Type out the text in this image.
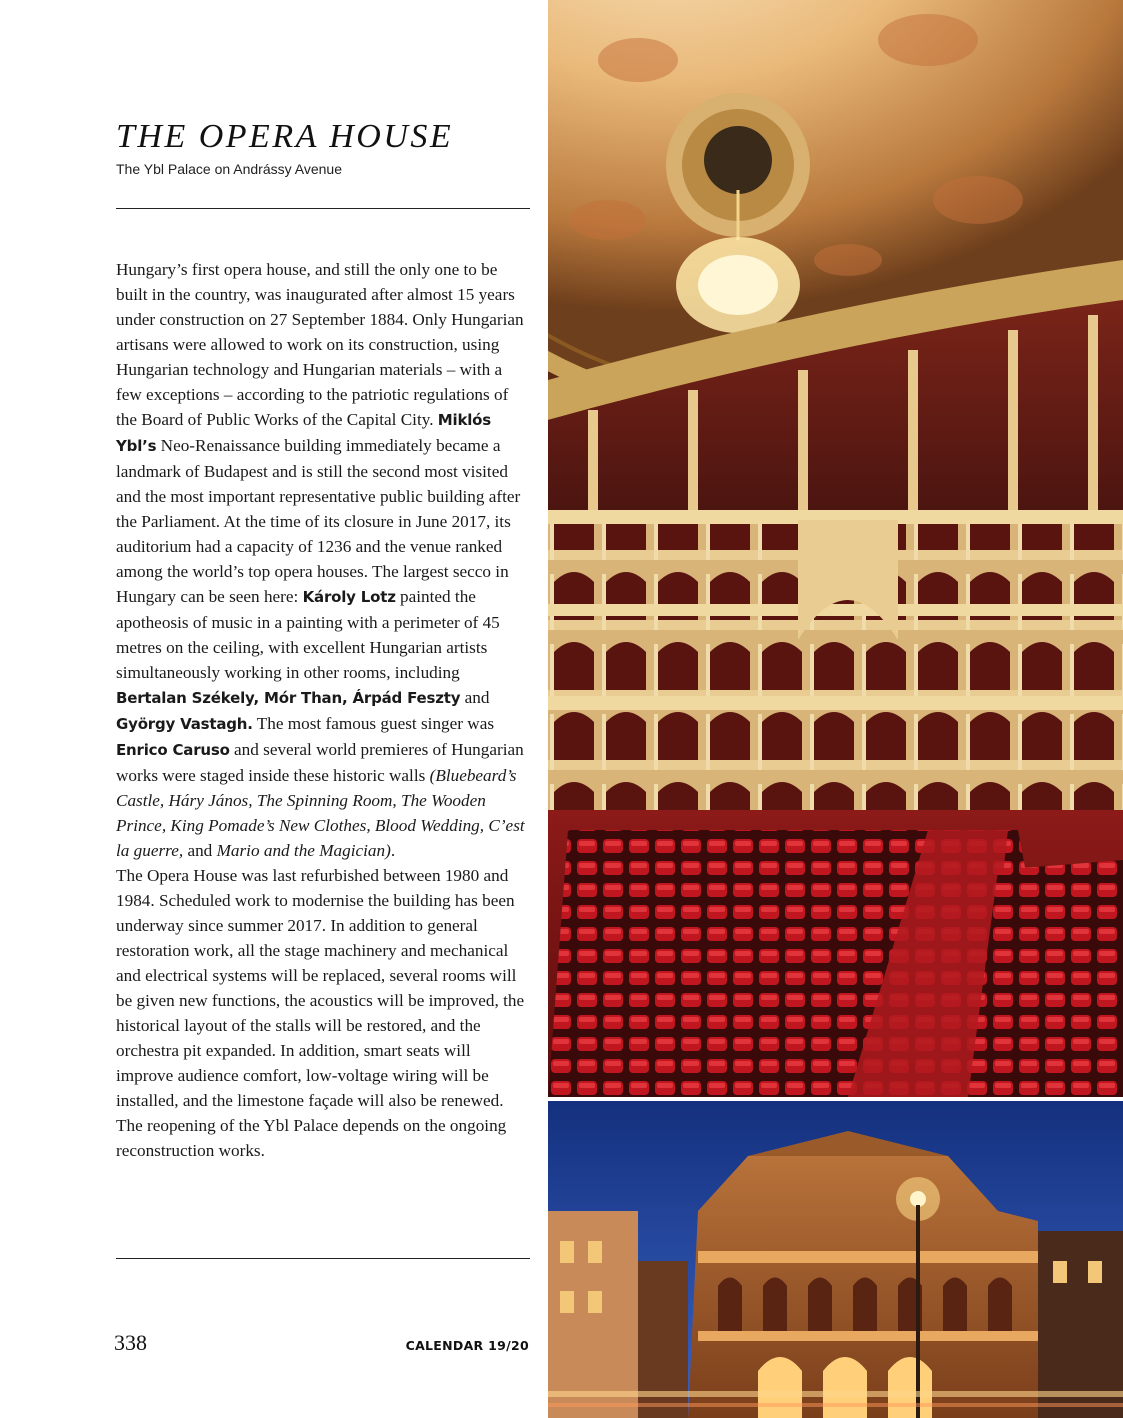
THE OPERA HOUSE
The Ybl Palace on Andrássy Avenue

Hungary’s first opera house, and still the only one to be built in the country, was inaugurated after almost 15 years under construction on 27 September 1884. Only Hungarian artisans were allowed to work on its construction, using Hungarian technology and Hungarian materials – with a few exceptions – according to the patriotic regulations of the Board of Public Works of the Capital City. Miklós Ybl’s Neo-Renaissance building immediately became a landmark of Budapest and is still the second most visited and the most important representative public building after the Parliament. At the time of its closure in June 2017, its auditorium had a capacity of 1236 and the venue ranked among the world’s top opera houses. The largest secco in Hungary can be seen here: Károly Lotz painted the apotheosis of music in a painting with a perimeter of 45 metres on the ceiling, with excellent Hungarian artists simultaneously working in other rooms, including Bertalan Székely, Mór Than, Árpád Feszty and György Vastagh. The most famous guest singer was Enrico Caruso and several world premieres of Hungarian works were staged inside these historic walls (Bluebeard’s Castle, Háry János, The Spinning Room, The Wooden Prince, King Pomade’s New Clothes, Blood Wedding, C’est la guerre, and Mario and the Magician).

The Opera House was last refurbished between 1980 and 1984. Scheduled work to modernise the building has been underway since summer 2017. In addition to general restoration work, all the stage machinery and mechanical and electrical systems will be replaced, several rooms will be given new functions, the acoustics will be improved, the historical layout of the stalls will be restored, and the orchestra pit expanded. In addition, smart seats will improve audience comfort, low-voltage wiring will be installed, and the limestone façade will also be renewed.

The reopening of the Ybl Palace depends on the ongoing reconstruction works.

338	CALENDAR 19/20
